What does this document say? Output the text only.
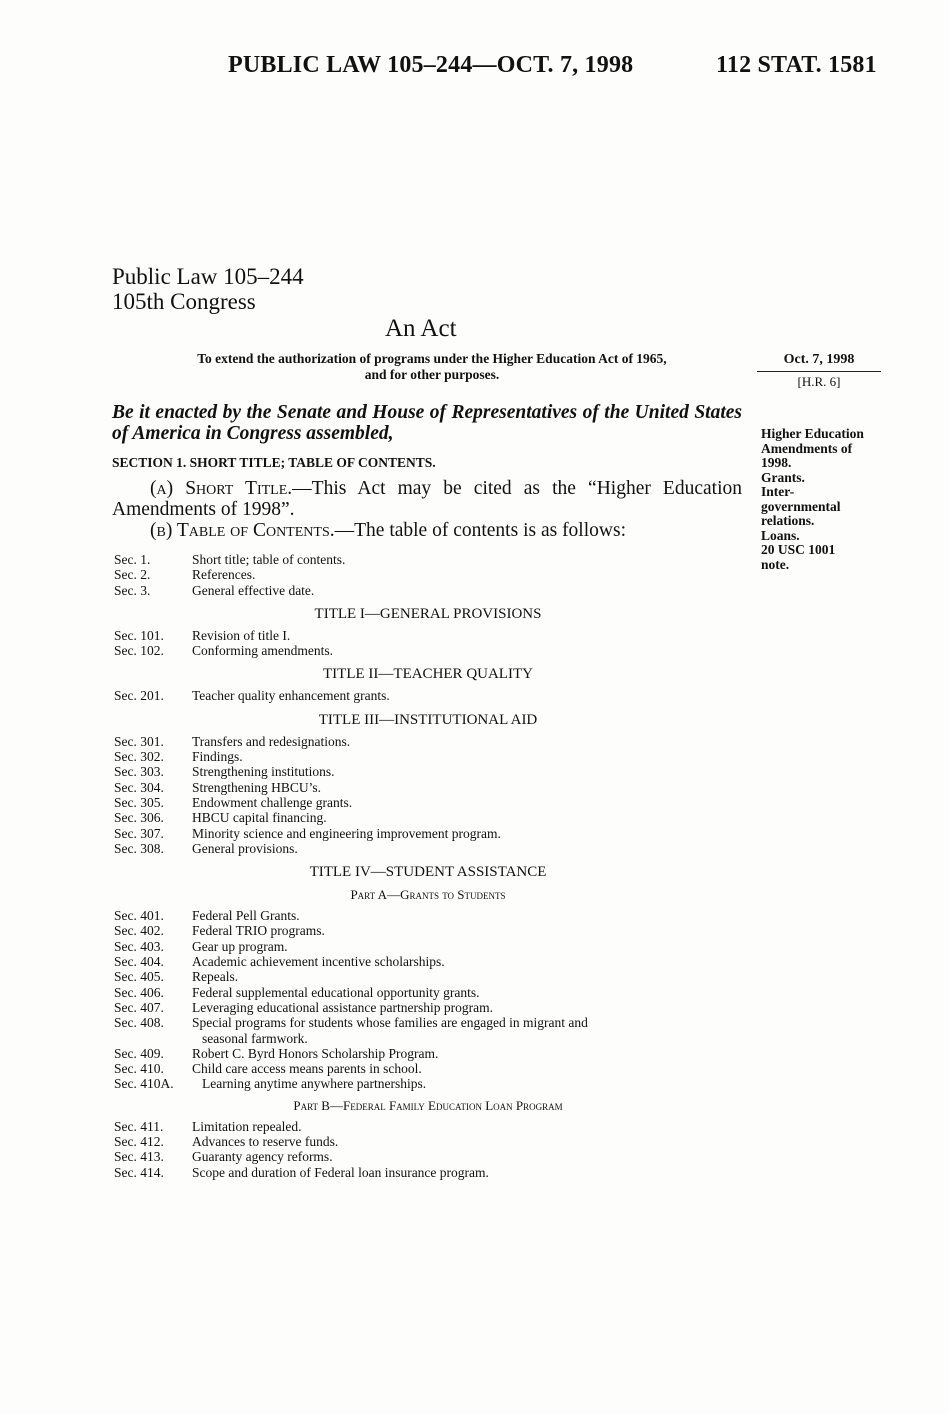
PUBLIC LAW 105–244—OCT. 7, 1998	112 STAT. 1581
Public Law 105–244
105th Congress
An Act
To extend the authorization of programs under the Higher Education Act of 1965,
and for other purposes.
Oct. 7, 1998
[H.R. 6]
Higher Education
Amendments of
1998.
Grants.
Inter-
governmental
relations.
Loans.
20 USC 1001
note.
Be it enacted by the Senate and House of Representatives of the United States of America in Congress assembled,
SECTION 1. SHORT TITLE; TABLE OF CONTENTS.
(a) Short Title.—This Act may be cited as the “Higher Education Amendments of 1998”.
(b) Table of Contents.—The table of contents is as follows:
Sec. 1.	Short title; table of contents.
Sec. 2.	References.
Sec. 3.	General effective date.
TITLE I—GENERAL PROVISIONS
Sec. 101. Revision of title I.
Sec. 102. Conforming amendments.
TITLE II—TEACHER QUALITY
Sec. 201. Teacher quality enhancement grants.
TITLE III—INSTITUTIONAL AID
Sec. 301. Transfers and redesignations.
Sec. 302. Findings.
Sec. 303. Strengthening institutions.
Sec. 304. Strengthening HBCU’s.
Sec. 305. Endowment challenge grants.
Sec. 306. HBCU capital financing.
Sec. 307. Minority science and engineering improvement program.
Sec. 308. General provisions.
TITLE IV—STUDENT ASSISTANCE
Part A—Grants to Students
Sec. 401. Federal Pell Grants.
Sec. 402. Federal TRIO programs.
Sec. 403. Gear up program.
Sec. 404. Academic achievement incentive scholarships.
Sec. 405. Repeals.
Sec. 406. Federal supplemental educational opportunity grants.
Sec. 407. Leveraging educational assistance partnership program.
Sec. 408. Special programs for students whose families are engaged in migrant and
seasonal farmwork.
Sec. 409. Robert C. Byrd Honors Scholarship Program.
Sec. 410. Child care access means parents in school.
Sec. 410A. Learning anytime anywhere partnerships.
Part B—Federal Family Education Loan Program
Sec. 411. Limitation repealed.
Sec. 412. Advances to reserve funds.
Sec. 413. Guaranty agency reforms.
Sec. 414. Scope and duration of Federal loan insurance program.
